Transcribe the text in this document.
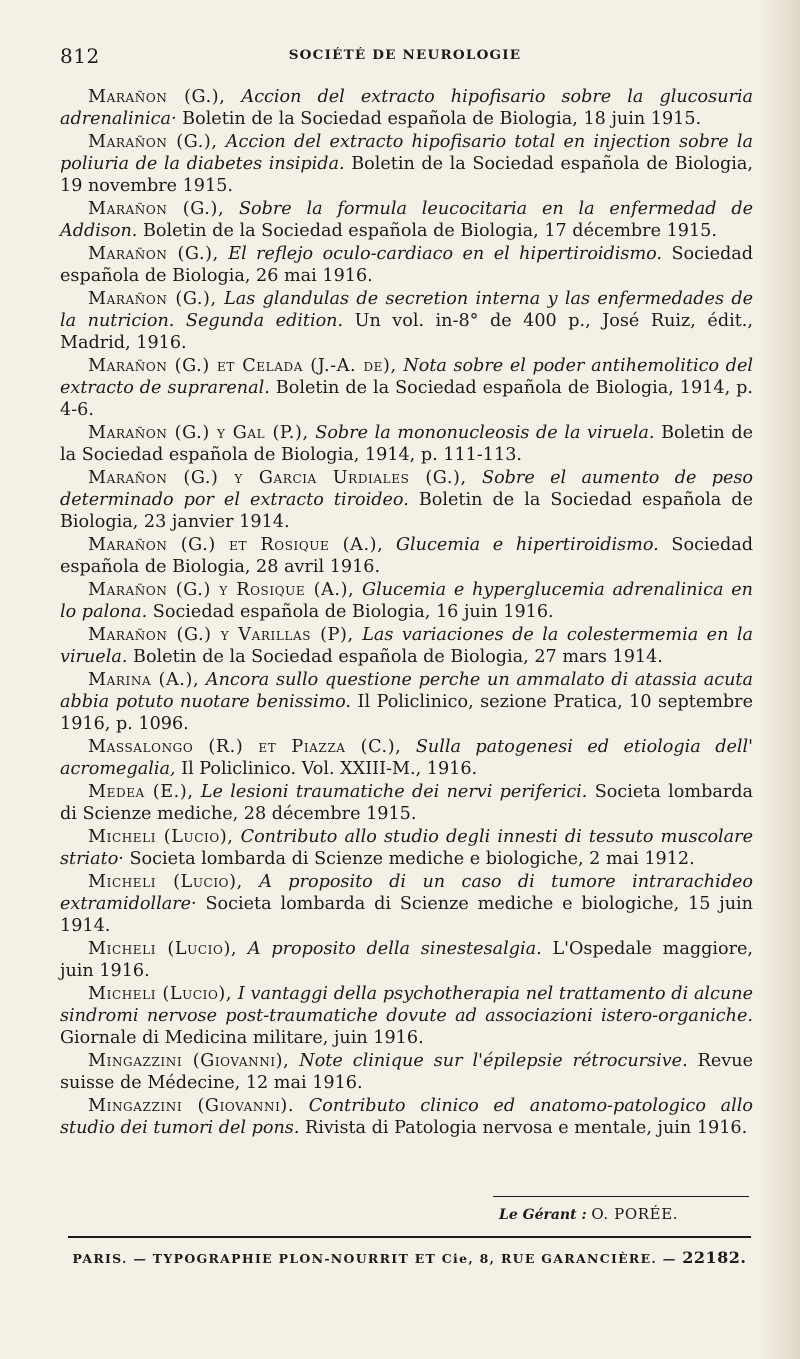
812	SOCIÉTÉ DE NEUROLOGIE

Marañon (G.), Accion del extracto hipofisario sobre la glucosuria adrenalinica· Boletin de la Sociedad española de Biologia, 18 juin 1915.

Marañon (G.), Accion del extracto hipofisario total en injection sobre la poliuria de la diabetes insipida. Boletin de la Sociedad española de Biologia, 19 novembre 1915.

Marañon (G.), Sobre la formula leucocitaria en la enfermedad de Addison. Boletin de la Sociedad española de Biologia, 17 décembre 1915.

Marañon (G.), El reflejo oculo-cardiaco en el hipertiroidismo. Sociedad española de Biologia, 26 mai 1916.

Marañon (G.), Las glandulas de secretion interna y las enfermedades de la nutricion. Segunda edition. Un vol. in-8° de 400 p., José Ruiz, édit., Madrid, 1916.

Marañon (G.) et Celada (J.-A. de), Nota sobre el poder antihemolitico del extracto de suprarenal. Boletin de la Sociedad española de Biologia, 1914, p. 4-6.

Marañon (G.) y Gal (P.), Sobre la mononucleosis de la viruela. Boletin de la Sociedad española de Biologia, 1914, p. 111-113.

Marañon (G.) y Garcia Urdiales (G.), Sobre el aumento de peso determinado por el extracto tiroideo. Boletin de la Sociedad española de Biologia, 23 janvier 1914.

Marañon (G.) et Rosique (A.), Glucemia e hipertiroidismo. Sociedad española de Biologia, 28 avril 1916.

Marañon (G.) y Rosique (A.), Glucemia e hyperglucemia adrenalinica en lo palona. Sociedad española de Biologia, 16 juin 1916.

Marañon (G.) y Varillas (P), Las variaciones de la colestermemia en la viruela. Boletin de la Sociedad española de Biologia, 27 mars 1914.

Marina (A.), Ancora sullo questione perche un ammalato di atassia acuta abbia potuto nuotare benissimo. Il Policlinico, sezione Pratica, 10 septembre 1916, p. 1096.

Massalongo (R.) et Piazza (C.), Sulla patogenesi ed etiologia dell' acromegalia, Il Policlinico. Vol. XXIII-M., 1916.

Medea (E.), Le lesioni traumatiche dei nervi periferici. Societa lombarda di Scienze mediche, 28 décembre 1915.

Micheli (Lucio), Contributo allo studio degli innesti di tessuto muscolare striato· Societa lombarda di Scienze mediche e biologiche, 2 mai 1912.

Micheli (Lucio), A proposito di un caso di tumore intrarachideo extramidollare· Societa lombarda di Scienze mediche e biologiche, 15 juin 1914.

Micheli (Lucio), A proposito della sinestesalgia. L'Ospedale maggiore, juin 1916.

Micheli (Lucio), I vantaggi della psychotherapia nel trattamento di alcune sindromi nervose post-traumatiche dovute ad associazioni istero-organiche. Giornale di Medicina militare, juin 1916.

Mingazzini (Giovanni), Note clinique sur l'épilepsie rétrocursive. Revue suisse de Médecine, 12 mai 1916.

Mingazzini (Giovanni). Contributo clinico ed anatomo-patologico allo studio dei tumori del pons. Rivista di Patologia nervosa e mentale, juin 1916.

Le Gérant : O. PORÉE.
PARIS. — TYPOGRAPHIE PLON-NOURRIT ET Cie, 8, RUE GARANCIÈRE. — 22182.
